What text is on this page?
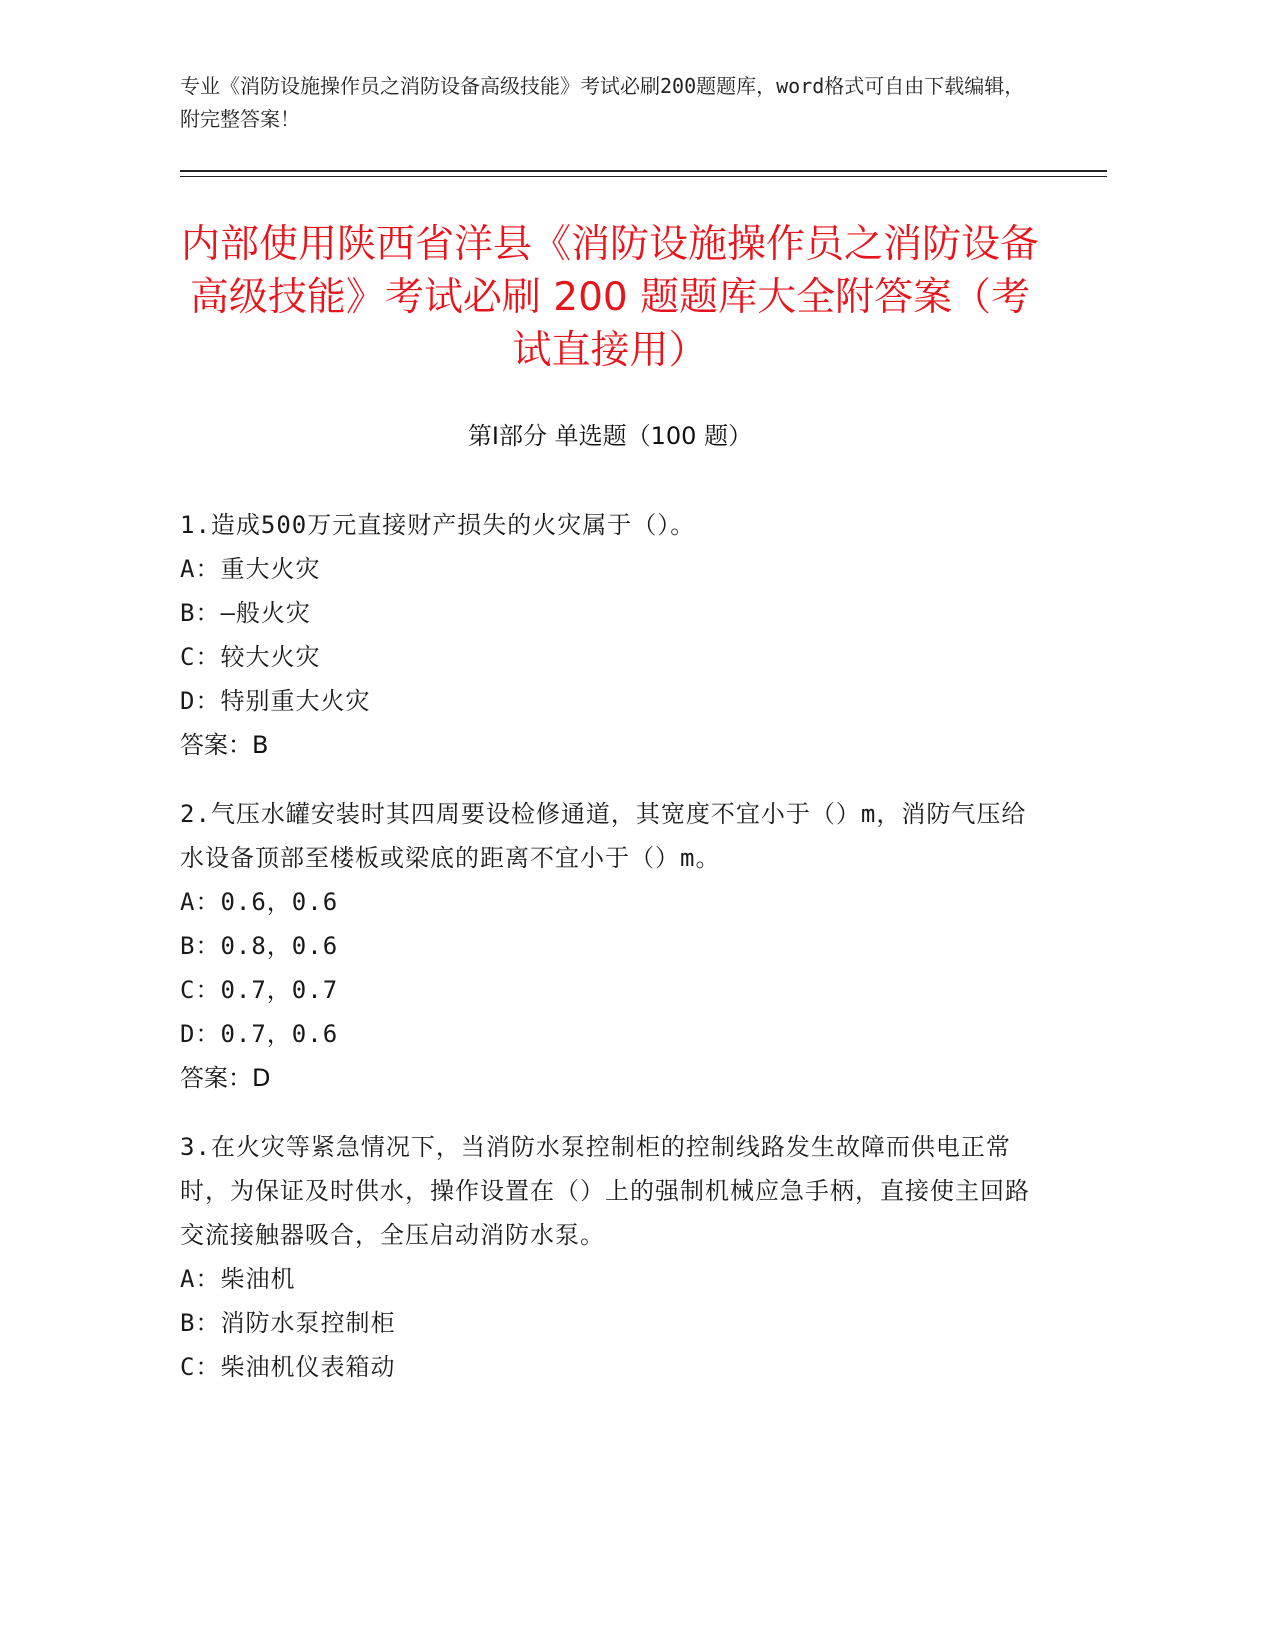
专业《消防设施操作员之消防设备高级技能》考试必刷200题题库，word格式可自由下载编辑，附完整答案！
内部使用陕西省洋县《消防设施操作员之消防设备高级技能》考试必刷 200 题题库大全附答案（考试直接用）
第Ⅰ部分 单选题（100 题）
1.造成500万元直接财产损失的火灾属于（）。
A：重大火灾
B：—般火灾
C：较大火灾
D：特别重大火灾
答案：B
2.气压水罐安装时其四周要设检修通道，其宽度不宜小于（）m，消防气压给水设备顶部至楼板或梁底的距离不宜小于（）m。
A：0.6，0.6
B：0.8，0.6
C：0.7，0.7
D：0.7，0.6
答案：D
3.在火灾等紧急情况下，当消防水泵控制柜的控制线路发生故障而供电正常时，为保证及时供水，操作设置在（）上的强制机械应急手柄，直接使主回路交流接触器吸合，全压启动消防水泵。
A：柴油机
B：消防水泵控制柜
C：柴油机仪表箱动
